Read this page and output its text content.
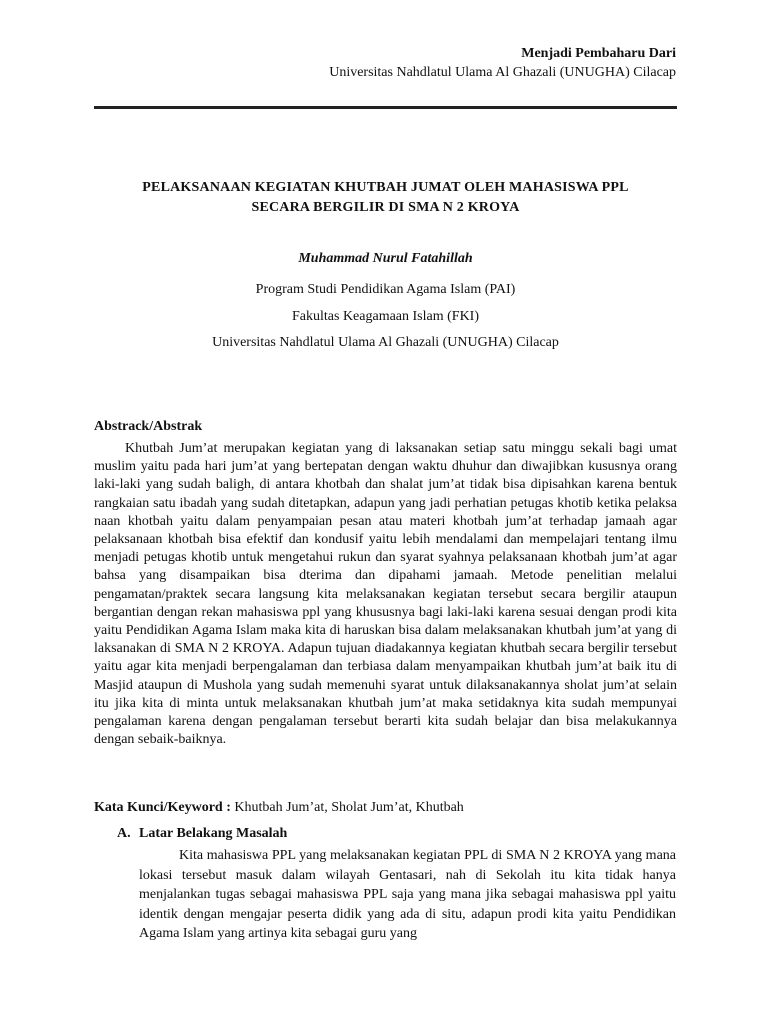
Menjadi Pembaharu Dari
Universitas Nahdlatul Ulama Al Ghazali (UNUGHA) Cilacap
PELAKSANAAN KEGIATAN KHUTBAH JUMAT OLEH MAHASISWA PPL
SECARA BERGILIR DI SMA N 2 KROYA
Muhammad Nurul Fatahillah
Program Studi Pendidikan Agama Islam (PAI)
Fakultas Keagamaan Islam (FKI)
Universitas Nahdlatul Ulama Al Ghazali (UNUGHA) Cilacap
Abstrack/Abstrak

Khutbah Jum’at merupakan kegiatan yang di laksanakan setiap satu minggu sekali bagi umat muslim yaitu pada hari jum’at yang bertepatan dengan waktu dhuhur dan diwajibkan kususnya orang laki-laki yang sudah baligh, di antara khotbah dan shalat jum’at tidak bisa dipisahkan karena bentuk rangkaian satu ibadah yang sudah ditetapkan, adapun yang jadi perhatian petugas khotib ketika pelaksa naan khotbah yaitu dalam penyampaian pesan atau materi khotbah jum’at terhadap jamaah agar pelaksanaan khotbah bisa efektif dan kondusif yaitu lebih mendalami dan mempelajari tentang ilmu menjadi petugas khotib untuk mengetahui rukun dan syarat syahnya pelaksanaan khotbah jum’at agar bahsa yang disampaikan bisa dterima dan dipahami jamaah. Metode penelitian melalui pengamatan/praktek secara langsung kita melaksanakan kegiatan tersebut secara bergilir ataupun bergantian dengan rekan mahasiswa ppl yang khususnya bagi laki-laki karena sesuai dengan prodi kita yaitu Pendidikan Agama Islam maka kita di haruskan bisa dalam melaksanakan khutbah jum’at yang di laksanakan di SMA N 2 KROYA. Adapun tujuan diadakannya kegiatan khutbah secara bergilir tersebut yaitu agar kita menjadi berpengalaman dan terbiasa dalam menyampaikan khutbah jum’at baik itu di Masjid ataupun di Mushola yang sudah memenuhi syarat untuk dilaksanakannya sholat jum’at selain itu jika kita di minta untuk melaksanakan khutbah jum’at maka setidaknya kita sudah mempunyai pengalaman karena dengan pengalaman tersebut berarti kita sudah belajar dan bisa melakukannya dengan sebaik-baiknya.

Kata Kunci/Keyword : Khutbah Jum’at, Sholat Jum’at, Khutbah
A. Latar Belakang Masalah

Kita mahasiswa PPL yang melaksanakan kegiatan PPL di SMA N 2 KROYA yang mana lokasi tersebut masuk dalam wilayah Gentasari, nah di Sekolah itu kita tidak hanya menjalankan tugas sebagai mahasiswa PPL saja yang mana jika sebagai mahasiswa ppl yaitu identik dengan mengajar peserta didik yang ada di situ, adapun prodi kita yaitu Pendidikan Agama Islam yang artinya kita sebagai guru yang
